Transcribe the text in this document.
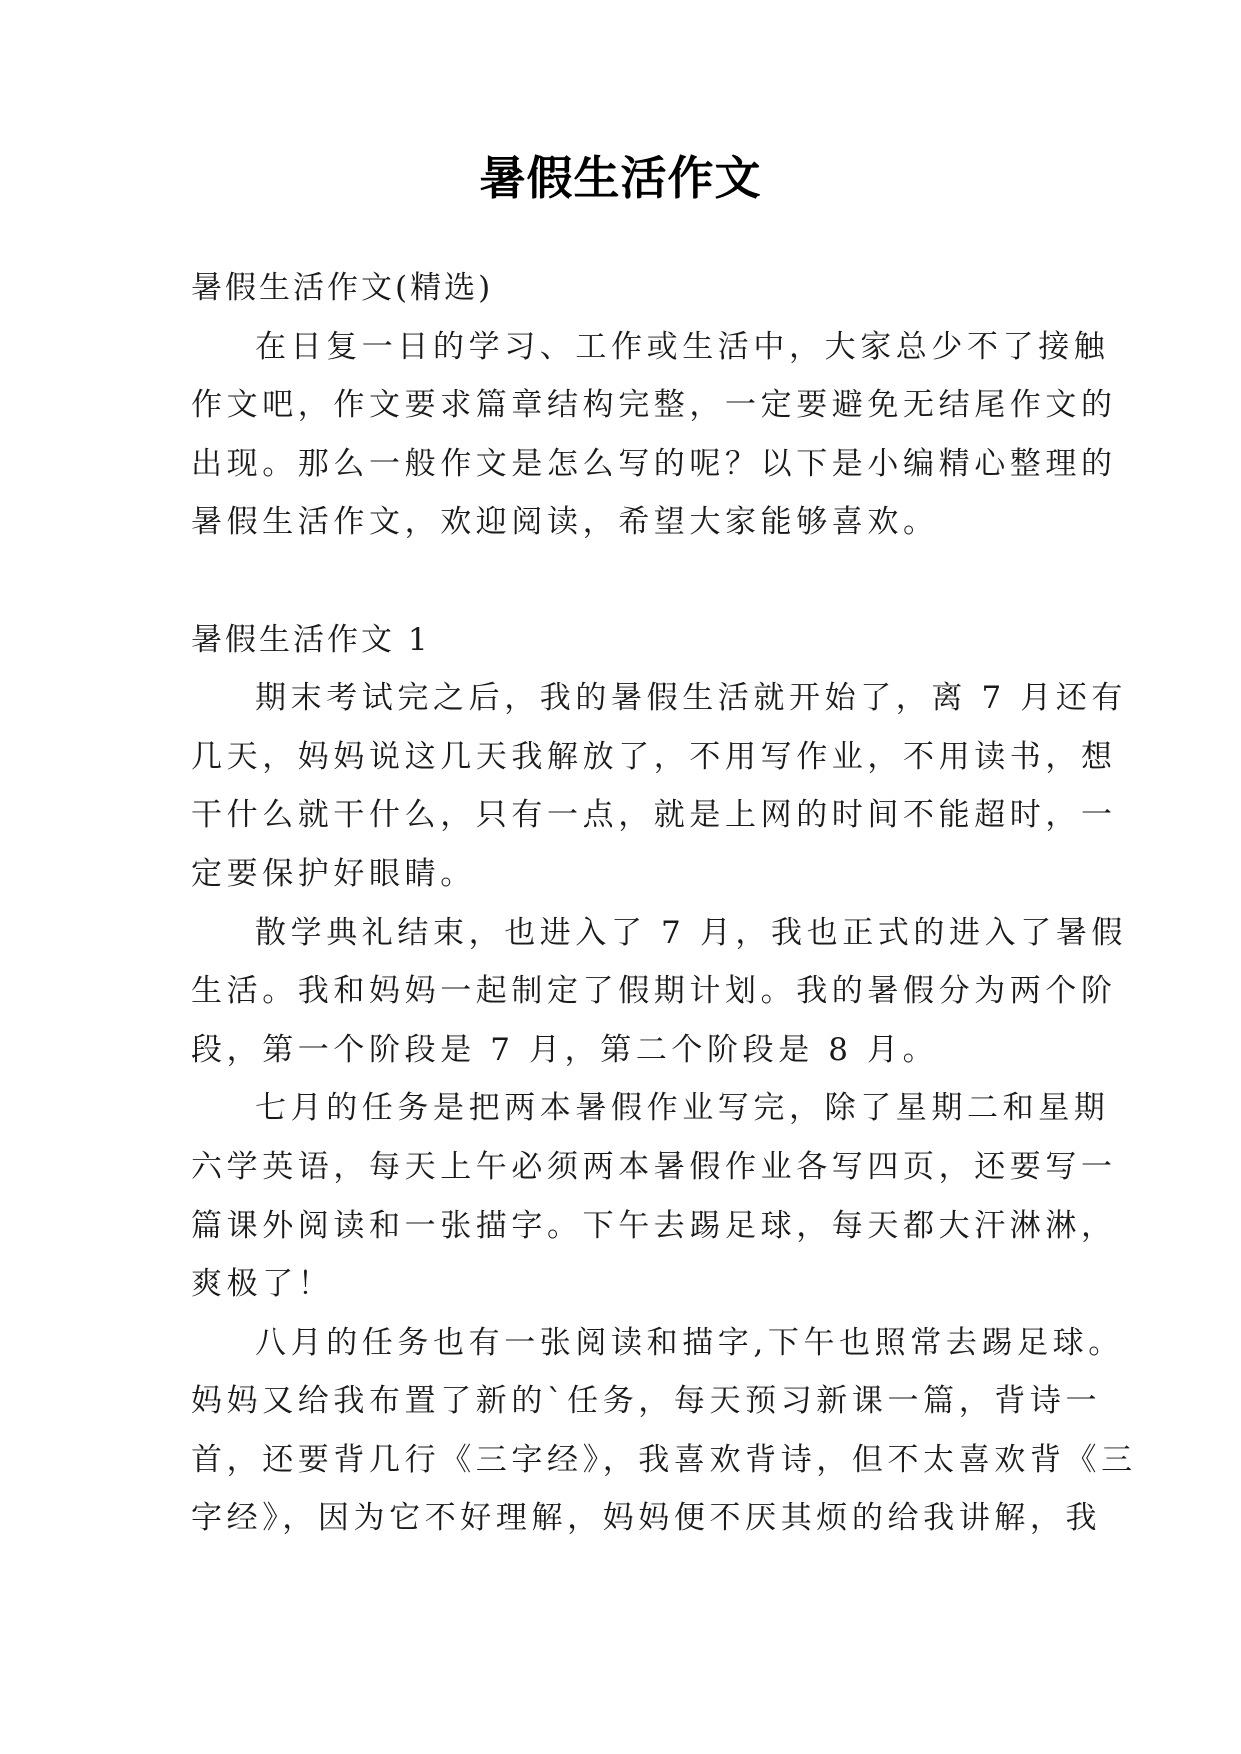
暑假生活作文
暑假生活作文(精选)
在日复一日的学习、工作或生活中，大家总少不了接触
作文吧，作文要求篇章结构完整，一定要避免无结尾作文的
出现。那么一般作文是怎么写的呢？以下是小编精心整理的
暑假生活作文，欢迎阅读，希望大家能够喜欢。
暑假生活作文 1
期末考试完之后，我的暑假生活就开始了，离 7 月还有
几天，妈妈说这几天我解放了，不用写作业，不用读书，想
干什么就干什么，只有一点，就是上网的时间不能超时，一
定要保护好眼睛。
散学典礼结束，也进入了 7 月，我也正式的进入了暑假
生活。我和妈妈一起制定了假期计划。我的暑假分为两个阶
段，第一个阶段是 7 月，第二个阶段是 8 月。
七月的任务是把两本暑假作业写完，除了星期二和星期
六学英语，每天上午必须两本暑假作业各写四页，还要写一
篇课外阅读和一张描字。下午去踢足球，每天都大汗淋淋，
爽极了！
八月的任务也有一张阅读和描字,下午也照常去踢足球。
妈妈又给我布置了新的`任务，每天预习新课一篇，背诗一
首，还要背几行《三字经》，我喜欢背诗，但不太喜欢背《三
字经》，因为它不好理解，妈妈便不厌其烦的给我讲解，我
